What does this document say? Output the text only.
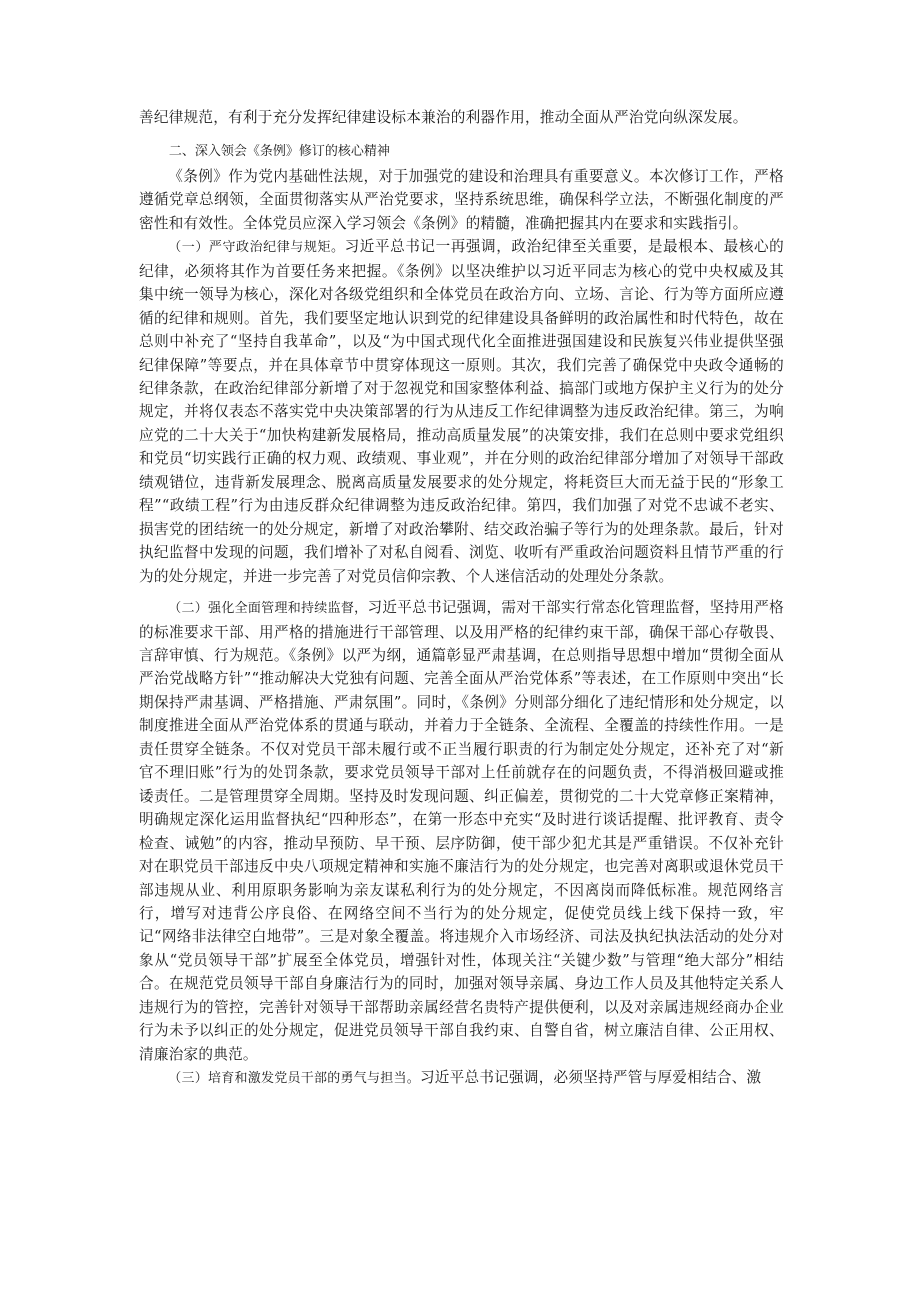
善纪律规范，有利于充分发挥纪律建设标本兼治的利器作用，推动全面从严治党向纵深发展。

二、深入领会《条例》修订的核心精神

《条例》作为党内基础性法规，对于加强党的建设和治理具有重要意义。本次修订工作，严格遵循党章总纲领，全面贯彻落实从严治党要求，坚持系统思维，确保科学立法，不断强化制度的严密性和有效性。全体党员应深入学习领会《条例》的精髓，准确把握其内在要求和实践指引。

（一）严守政治纪律与规矩。习近平总书记一再强调，政治纪律至关重要，是最根本、最核心的纪律，必须将其作为首要任务来把握。《条例》以坚决维护以习近平同志为核心的党中央权威及其集中统一领导为核心，深化对各级党组织和全体党员在政治方向、立场、言论、行为等方面所应遵循的纪律和规则。首先，我们要坚定地认识到党的纪律建设具备鲜明的政治属性和时代特色，故在总则中补充了“坚持自我革命”，以及“为中国式现代化全面推进强国建设和民族复兴伟业提供坚强纪律保障”等要点，并在具体章节中贯穿体现这一原则。其次，我们完善了确保党中央政令通畅的纪律条款，在政治纪律部分新增了对于忽视党和国家整体利益、搞部门或地方保护主义行为的处分规定，并将仅表态不落实党中央决策部署的行为从违反工作纪律调整为违反政治纪律。第三，为响应党的二十大关于“加快构建新发展格局，推动高质量发展”的决策安排，我们在总则中要求党组织和党员“切实践行正确的权力观、政绩观、事业观”，并在分则的政治纪律部分增加了对领导干部政绩观错位，违背新发展理念、脱离高质量发展要求的处分规定，将耗资巨大而无益于民的“形象工程”“政绩工程”行为由违反群众纪律调整为违反政治纪律。第四，我们加强了对党不忠诚不老实、损害党的团结统一的处分规定，新增了对政治攀附、结交政治骗子等行为的处理条款。最后，针对执纪监督中发现的问题，我们增补了对私自阅看、浏览、收听有严重政治问题资料且情节严重的行为的处分规定，并进一步完善了对党员信仰宗教、个人迷信活动的处理处分条款。

（二）强化全面管理和持续监督，习近平总书记强调，需对干部实行常态化管理监督，坚持用严格的标准要求干部、用严格的措施进行干部管理、以及用严格的纪律约束干部，确保干部心存敬畏、言辞审慎、行为规范。《条例》以严为纲，通篇彰显严肃基调，在总则指导思想中增加“贯彻全面从严治党战略方针”“推动解决大党独有问题、完善全面从严治党体系”等表述，在工作原则中突出“长期保持严肃基调、严格措施、严肃氛围”。同时，《条例》分则部分细化了违纪情形和处分规定，以制度推进全面从严治党体系的贯通与联动，并着力于全链条、全流程、全覆盖的持续性作用。一是责任贯穿全链条。不仅对党员干部未履行或不正当履行职责的行为制定处分规定，还补充了对“新官不理旧账”行为的处罚条款，要求党员领导干部对上任前就存在的问题负责，不得消极回避或推诿责任。二是管理贯穿全周期。坚持及时发现问题、纠正偏差，贯彻党的二十大党章修正案精神，明确规定深化运用监督执纪“四种形态”，在第一形态中充实“及时进行谈话提醒、批评教育、责令检查、诫勉”的内容，推动早预防、早干预、层序防御，使干部少犯尤其是严重错误。不仅补充针对在职党员干部违反中央八项规定精神和实施不廉洁行为的处分规定，也完善对离职或退休党员干部违规从业、利用原职务影响为亲友谋私利行为的处分规定，不因离岗而降低标准。规范网络言行，增写对违背公序良俗、在网络空间不当行为的处分规定，促使党员线上线下保持一致，牢记“网络非法律空白地带”。三是对象全覆盖。将违规介入市场经济、司法及执纪执法活动的处分对象从“党员领导干部”扩展至全体党员，增强针对性，体现关注“关键少数”与管理“绝大部分”相结合。在规范党员领导干部自身廉洁行为的同时，加强对领导亲属、身边工作人员及其他特定关系人违规行为的管控，完善针对领导干部帮助亲属经营名贵特产提供便利，以及对亲属违规经商办企业行为未予以纠正的处分规定，促进党员领导干部自我约束、自警自省，树立廉洁自律、公正用权、清廉治家的典范。

（三）培育和激发党员干部的勇气与担当。习近平总书记强调，必须坚持严管与厚爱相结合、激
